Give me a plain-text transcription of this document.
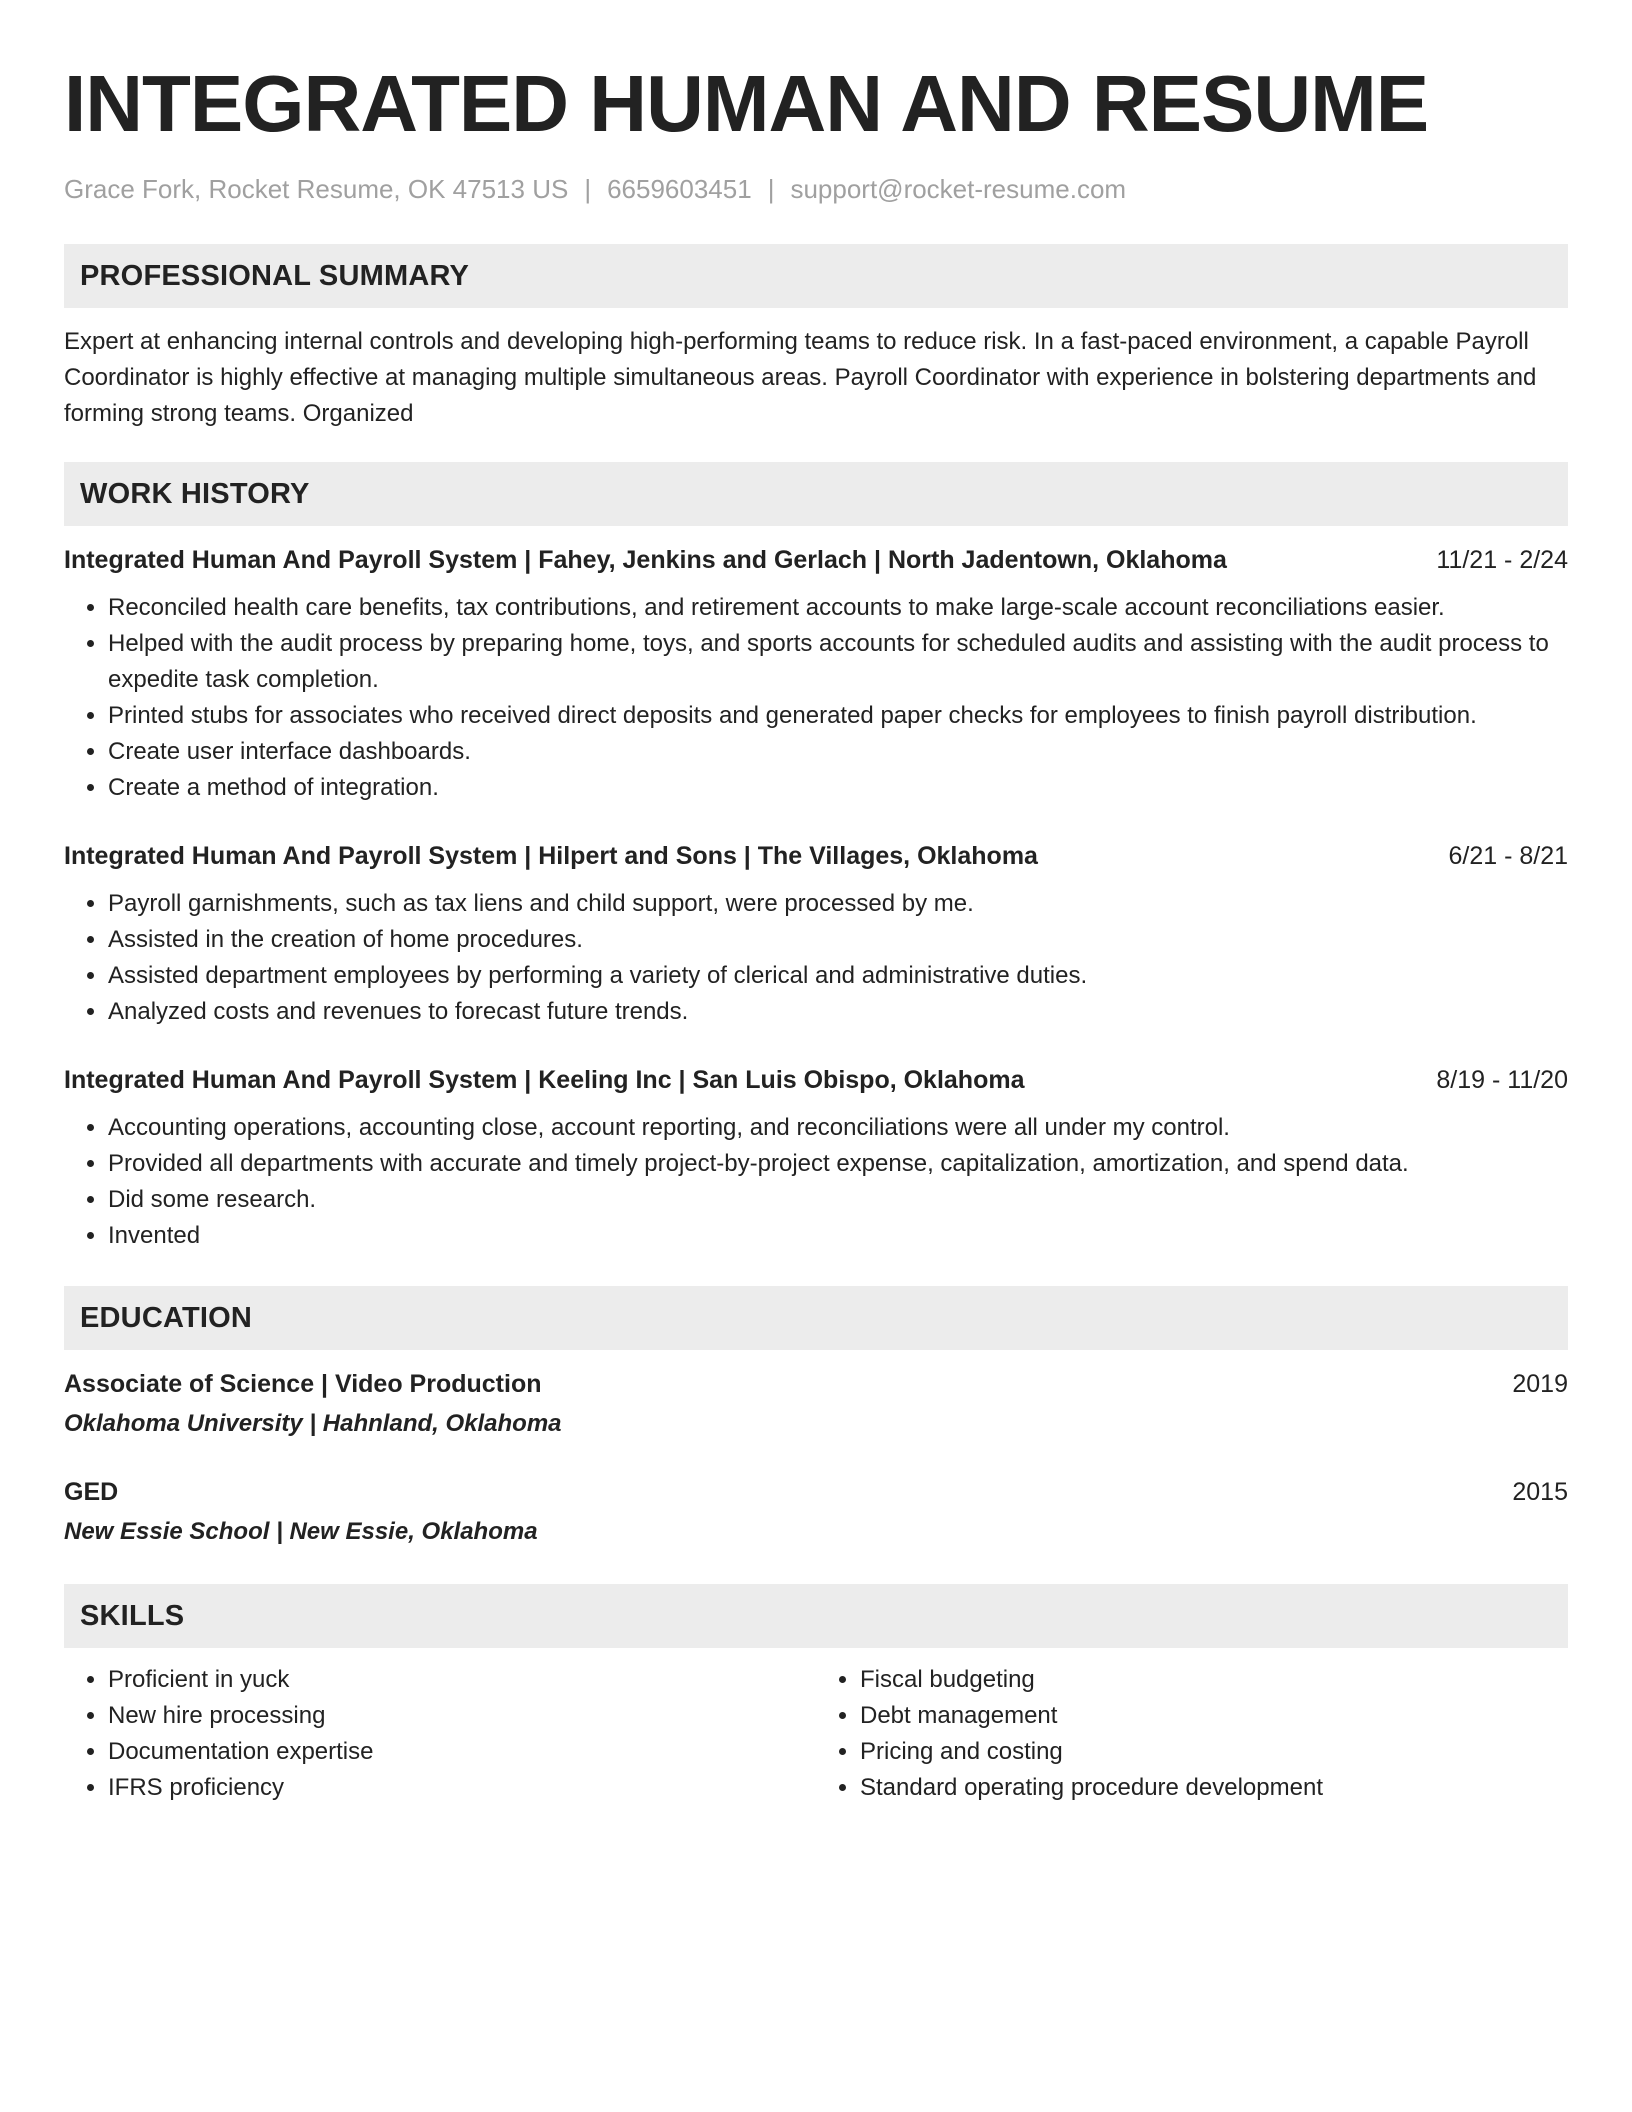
INTEGRATED HUMAN AND RESUME
Grace Fork, Rocket Resume, OK 47513 US | 6659603451 | support@rocket-resume.com
PROFESSIONAL SUMMARY
Expert at enhancing internal controls and developing high-performing teams to reduce risk. In a fast-paced environment, a capable Payroll Coordinator is highly effective at managing multiple simultaneous areas. Payroll Coordinator with experience in bolstering departments and forming strong teams. Organized
WORK HISTORY
Integrated Human And Payroll System | Fahey, Jenkins and Gerlach | North Jadentown, Oklahoma	11/21 - 2/24
• Reconciled health care benefits, tax contributions, and retirement accounts to make large-scale account reconciliations easier.
• Helped with the audit process by preparing home, toys, and sports accounts for scheduled audits and assisting with the audit process to expedite task completion.
• Printed stubs for associates who received direct deposits and generated paper checks for employees to finish payroll distribution.
• Create user interface dashboards.
• Create a method of integration.
Integrated Human And Payroll System | Hilpert and Sons | The Villages, Oklahoma	6/21 - 8/21
• Payroll garnishments, such as tax liens and child support, were processed by me.
• Assisted in the creation of home procedures.
• Assisted department employees by performing a variety of clerical and administrative duties.
• Analyzed costs and revenues to forecast future trends.
Integrated Human And Payroll System | Keeling Inc | San Luis Obispo, Oklahoma	8/19 - 11/20
• Accounting operations, accounting close, account reporting, and reconciliations were all under my control.
• Provided all departments with accurate and timely project-by-project expense, capitalization, amortization, and spend data.
• Did some research.
• Invented
EDUCATION
Associate of Science | Video Production	2019
Oklahoma University | Hahnland, Oklahoma
GED	2015
New Essie School | New Essie, Oklahoma
SKILLS
• Proficient in yuck
• New hire processing
• Documentation expertise
• IFRS proficiency
• Fiscal budgeting
• Debt management
• Pricing and costing
• Standard operating procedure development
